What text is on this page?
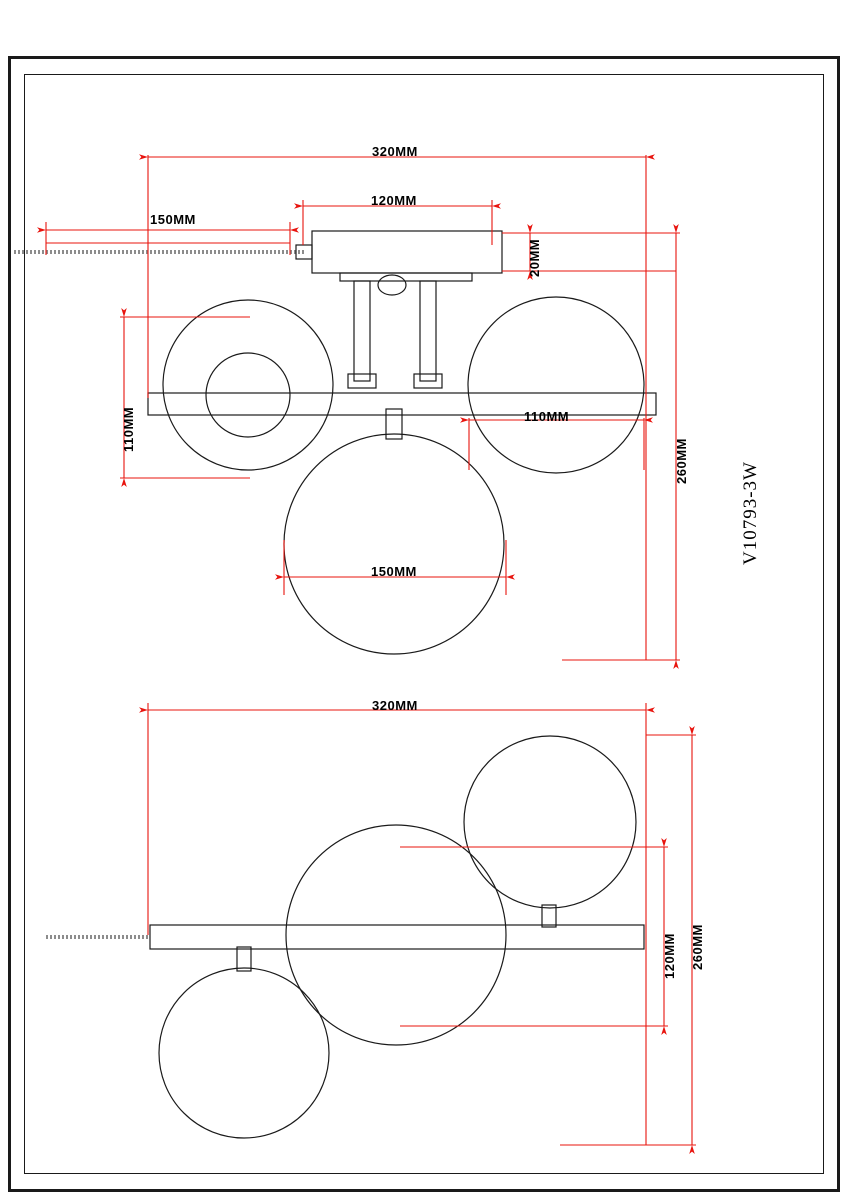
320MM
120MM
150MM
20MM
110MM	110MM
150MM
260MM
320MM
120MM 260MM
V10793-3W
